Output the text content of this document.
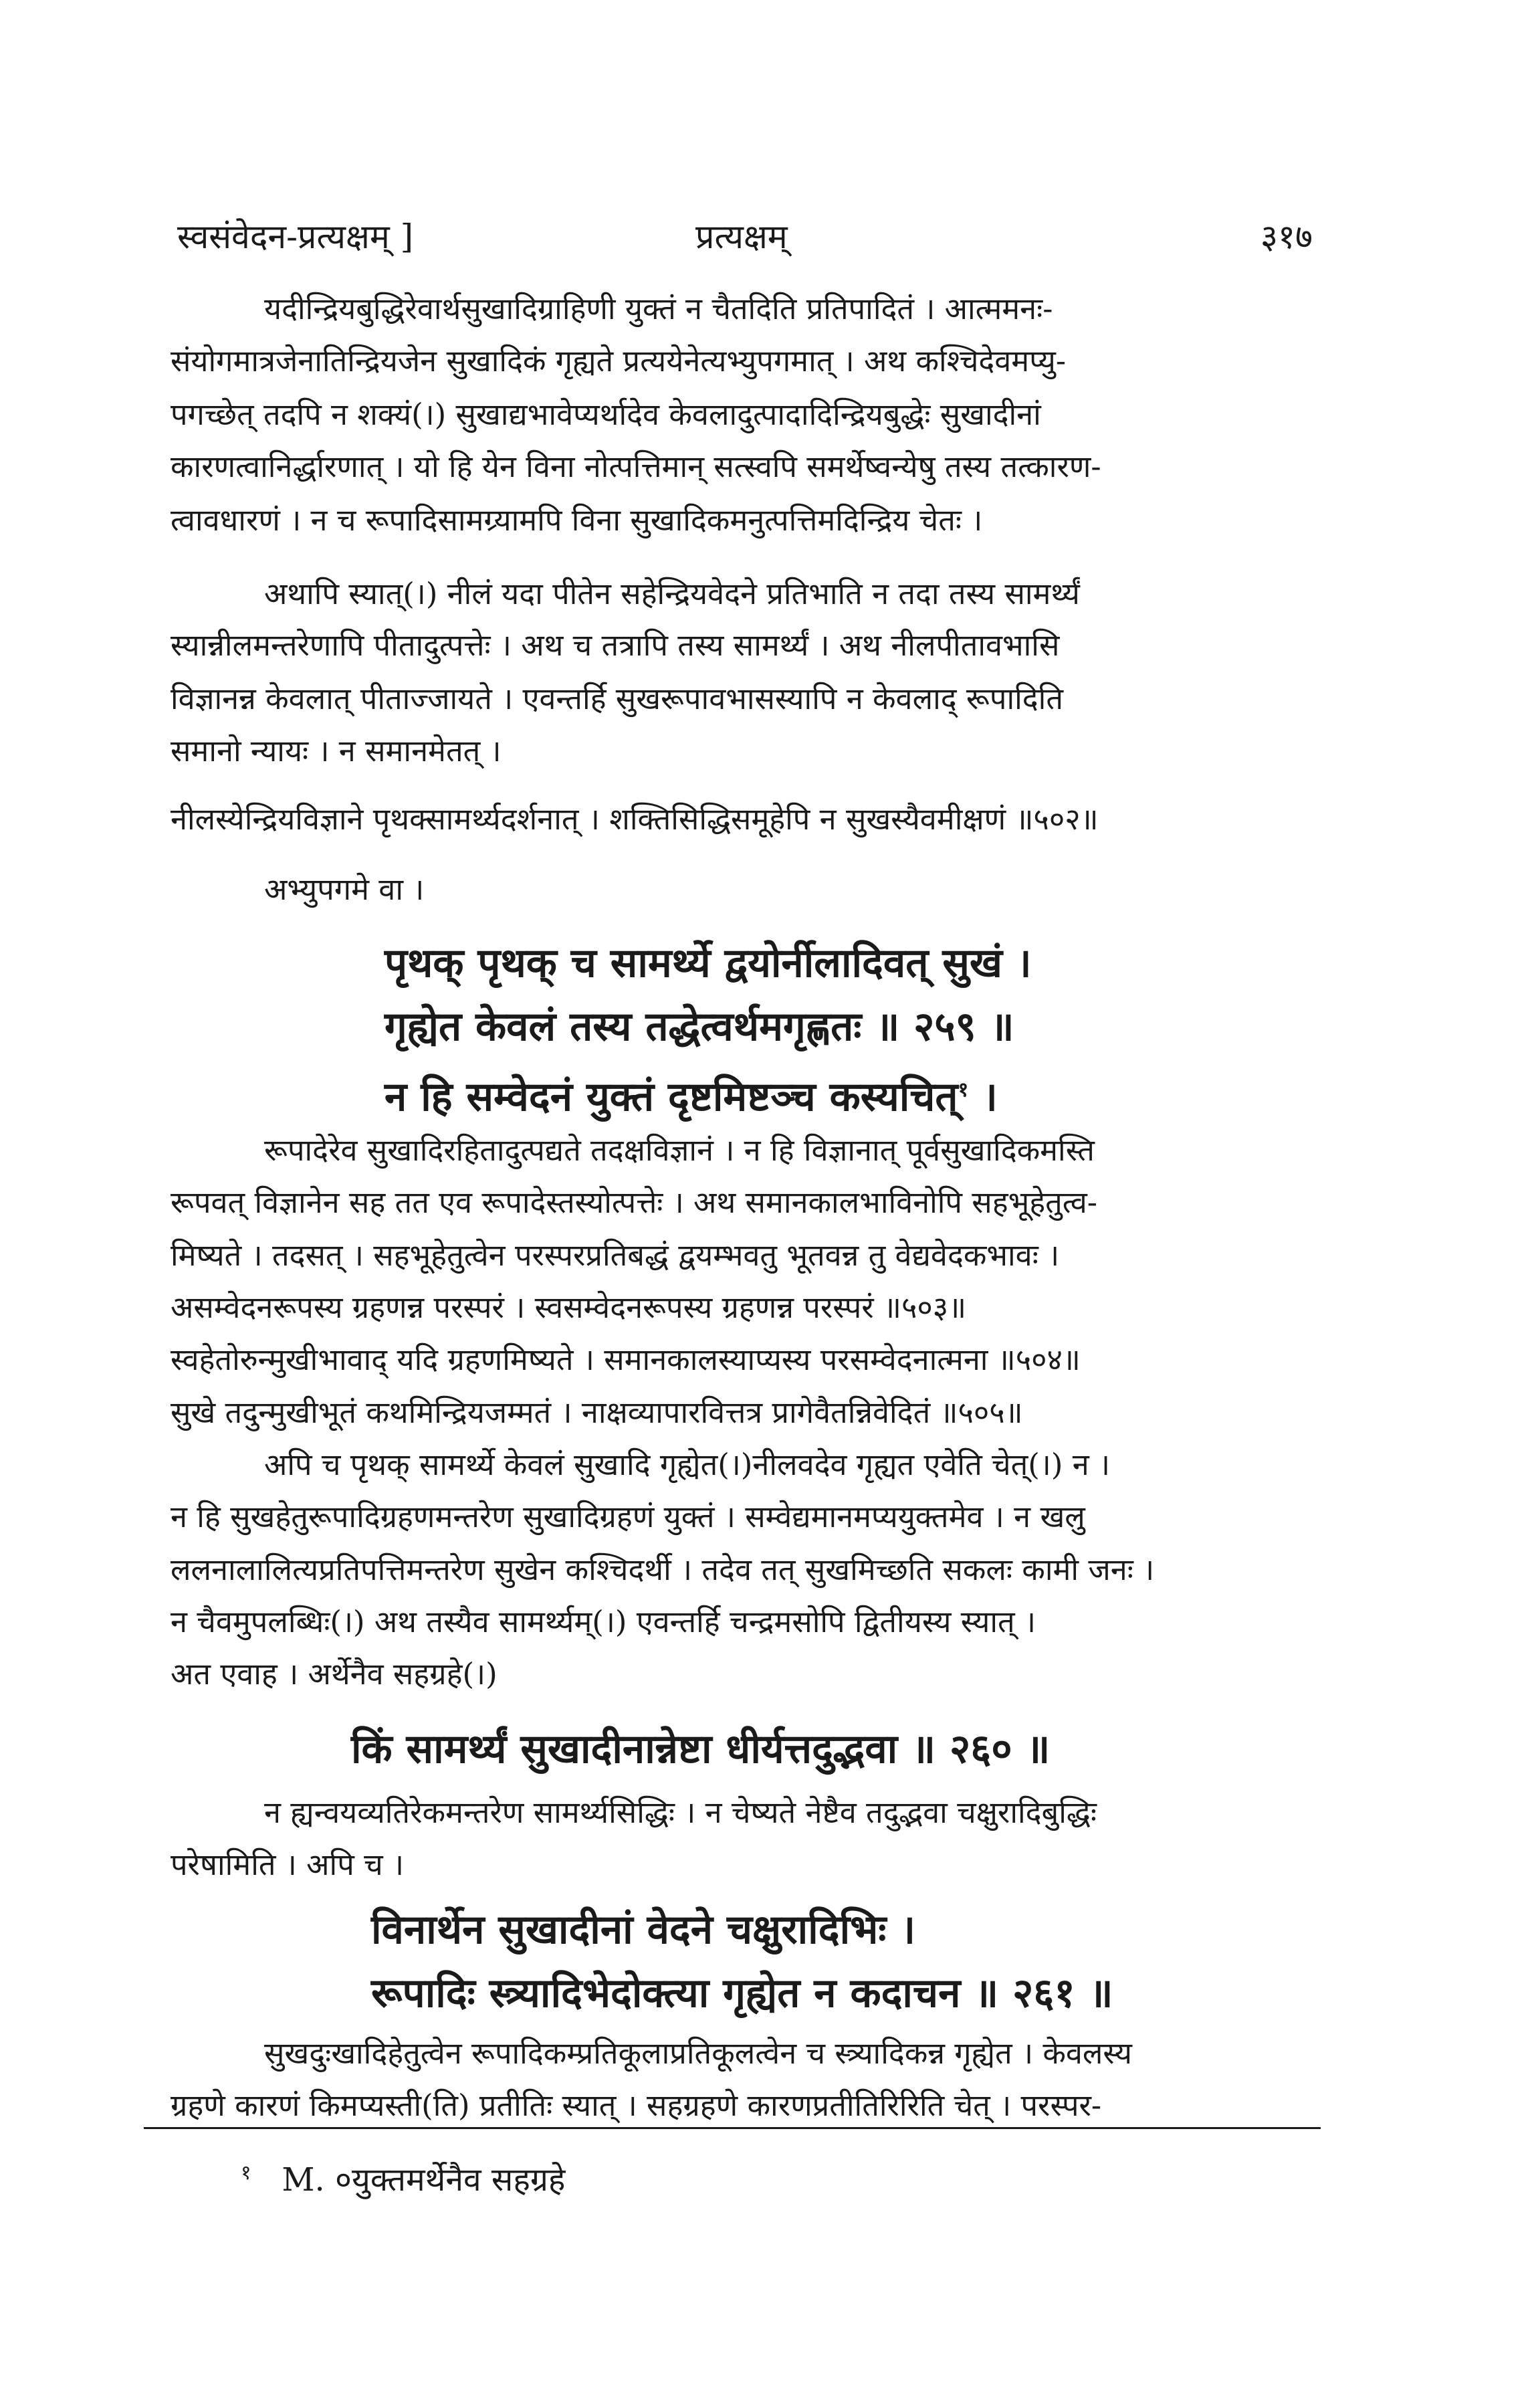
स्वसंवेदन-प्रत्यक्षम् ]	प्रत्यक्षम्	३१७
यदीन्द्रियबुद्धिरेवार्थसुखादिग्राहिणी युक्तं न चैतदिति प्रतिपादितं । आत्ममनः-
संयोगमात्रजेनातिन्द्रियजेन सुखादिकं गृह्यते प्रत्ययेनेत्यभ्युपगमात् । अथ कश्चिदेवमप्यु-
पगच्छेत् तदपि न शक्यं(।) सुखाद्यभावेप्यर्थादेव केवलादुत्पादादिन्द्रियबुद्धेः सुखादीनां
कारणत्वानिर्द्धारणात् । यो हि येन विना नोत्पत्तिमान् सत्स्वपि समर्थेष्वन्येषु तस्य तत्कारण-
त्वावधारणं । न च रूपादिसामग्र्यामपि विना सुखादिकमनुत्पत्तिमदिन्द्रिय चेतः ।
अथापि स्यात्(।) नीलं यदा पीतेन सहेन्द्रियवेदने प्रतिभाति न तदा तस्य सामर्थ्यं
स्यान्नीलमन्तरेणापि पीतादुत्पत्तेः । अथ च तत्रापि तस्य सामर्थ्यं । अथ नीलपीतावभासि
विज्ञानन्न केवलात् पीताज्जायते । एवन्तर्हि सुखरूपावभासस्यापि न केवलाद् रूपादिति
समानो न्यायः । न समानमेतत् ।
नीलस्येन्द्रियविज्ञाने पृथक्सामर्थ्यदर्शनात् । शक्तिसिद्धिसमूहेपि न सुखस्यैवमीक्षणं ॥५०२॥
अभ्युपगमे वा ।
पृथक् पृथक् च सामर्थ्ये द्वयोर्नीलादिवत् सुखं ।
गृह्येत केवलं तस्य तद्धेत्वर्थमगृह्णतः ॥ २५९ ॥
न हि सम्वेदनं युक्तं दृष्टमिष्टञ्च कस्यचित्$^१$ ।
रूपादेरेव सुखादिरहितादुत्पद्यते तदक्षविज्ञानं । न हि विज्ञानात् पूर्वसुखादिकमस्ति
रूपवत् विज्ञानेन सह तत एव रूपादेस्तस्योत्पत्तेः । अथ समानकालभाविनोपि सहभूहेतुत्व-
मिष्यते । तदसत् । सहभूहेतुत्वेन परस्परप्रतिबद्धं द्वयम्भवतु भूतवन्न तु वेद्यवेदकभावः ।
असम्वेदनरूपस्य ग्रहणन्न परस्परं । स्वसम्वेदनरूपस्य ग्रहणन्न परस्परं ॥५०३॥
स्वहेतोरुन्मुखीभावाद् यदि ग्रहणमिष्यते । समानकालस्याप्यस्य परसम्वेदनात्मना ॥५०४॥
सुखे तदुन्मुखीभूतं कथमिन्द्रियजम्मतं । नाक्षव्यापारवित्तत्र प्रागेवैतन्निवेदितं ॥५०५॥
अपि च पृथक् सामर्थ्ये केवलं सुखादि गृह्येत(।)नीलवदेव गृह्यत एवेति चेत्(।) न ।
न हि सुखहेतुरूपादिग्रहणमन्तरेण सुखादिग्रहणं युक्तं । सम्वेद्यमानमप्ययुक्तमेव । न खलु
ललनालालित्यप्रतिपत्तिमन्तरेण सुखेन कश्चिदर्थी । तदेव तत् सुखमिच्छति सकलः कामी जनः ।
न चैवमुपलब्धिः(।) अथ तस्यैव सामर्थ्यम्(।) एवन्तर्हि चन्द्रमसोपि द्वितीयस्य स्यात् ।
अत एवाह । अर्थेनैव सहग्रहे(।)
किं सामर्थ्यं सुखादीनान्नेष्टा धीर्यत्तदुद्भवा ॥ २६० ॥
न ह्यन्वयव्यतिरेकमन्तरेण सामर्थ्यसिद्धिः । न चेष्यते नेष्टैव तदुद्भवा चक्षुरादिबुद्धिः
परेषामिति । अपि च ।
विनार्थेन सुखादीनां वेदने चक्षुरादिभिः ।
रूपादिः स्त्र्यादिभेदोक्त्या गृह्येत न कदाचन ॥ २६१ ॥
सुखदुःखादिहेतुत्वेन रूपादिकम्प्रतिकूलाप्रतिकूलत्वेन च स्त्र्यादिकन्न गृह्येत । केवलस्य
ग्रहणे कारणं किमप्यस्ती(ति) प्रतीतिः स्यात् । सहग्रहणे कारणप्रतीतिरिरिति चेत् । परस्पर-
$^१$ M. ०युक्तमर्थेनैव सहग्रहे
